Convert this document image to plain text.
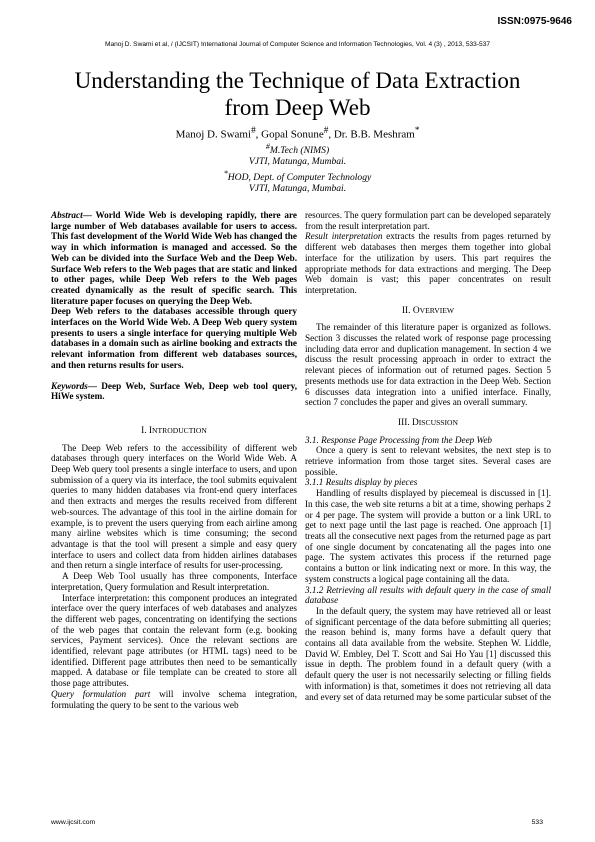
ISSN:0975-9646
Manoj D. Swami et al, / (IJCSIT) International Journal of Computer Science and Information Technologies, Vol. 4 (3) , 2013, 533-537
Understanding the Technique of Data Extraction
from Deep Web
Manoj D. Swami#, Gopal Sonune#, Dr. B.B. Meshram*
#M.Tech (NIMS)
VJTI, Matunga, Mumbai.
*HOD, Dept. of Computer Technology
VJTI, Matunga, Mumbai.

Abstract— World Wide Web is developing rapidly, there are large number of Web databases available for users to access. This fast development of the World Wide Web has changed the way in which information is managed and accessed. So the Web can be divided into the Surface Web and the Deep Web. Surface Web refers to the Web pages that are static and linked to other pages, while Deep Web refers to the Web pages created dynamically as the result of specific search. This literature paper focuses on querying the Deep Web.

Deep Web refers to the databases accessible through query interfaces on the World Wide Web. A Deep Web query system presents to users a single interface for querying multiple Web databases in a domain such as airline booking and extracts the relevant information from different web databases sources, and then returns results for users.

Keywords— Deep Web, Surface Web, Deep web tool query, HiWe system.

I. INTRODUCTION

The Deep Web refers to the accessibility of different web databases through query interfaces on the World Wide Web. A Deep Web query tool presents a single interface to users, and upon submission of a query via its interface, the tool submits equivalent queries to many hidden databases via front-end query interfaces and then extracts and merges the results received from different web-sources. The advantage of this tool in the airline domain for example, is to prevent the users querying from each airline among many airline websites which is time consuming; the second advantage is that the tool will present a simple and easy query interface to users and collect data from hidden airlines databases and then return a single interface of results for user-processing.

A Deep Web Tool usually has three components, Interface interpretation, Query formulation and Result interpretation.

Interface interpretation: this component produces an integrated interface over the query interfaces of web databases and analyzes the different web pages, concentrating on identifying the sections of the web pages that contain the relevant form (e.g. booking services, Payment services). Once the relevant sections are identified, relevant page attributes (or HTML tags) need to be identified. Different page attributes then need to be semantically mapped. A database or file template can be created to store all those page attributes.

Query formulation part will involve schema integration, formulating the query to be sent to the various web

resources. The query formulation part can be developed separately from the result interpretation part.

Result interpretation extracts the results from pages returned by different web databases then merges them together into global interface for the utilization by users. This part requires the appropriate methods for data extractions and merging. The Deep Web domain is vast; this paper concentrates on result interpretation.

II. OVERVIEW

The remainder of this literature paper is organized as follows. Section 3 discusses the related work of response page processing including data error and duplication management. In section 4 we discuss the result processing approach in order to extract the relevant pieces of information out of returned pages. Section 5 presents methods use for data extraction in the Deep Web. Section 6 discusses data integration into a unified interface. Finally, section 7 concludes the paper and gives an overall summary.

III. DISCUSSION

3.1. Response Page Processing from the Deep Web

Once a query is sent to relevant websites, the next step is to retrieve information from those target sites. Several cases are possible.

3.1.1 Results display by pieces

Handling of results displayed by piecemeal is discussed in [1]. In this case, the web site returns a bit at a time, showing perhaps 2 or 4 per page. The system will provide a button or a link URL to get to next page until the last page is reached. One approach [1] treats all the consecutive next pages from the returned page as part of one single document by concatenating all the pages into one page. The system activates this process if the returned page contains a button or link indicating next or more. In this way, the system constructs a logical page containing all the data.

3.1.2 Retrieving all results with default query in the case of small database

In the default query, the system may have retrieved all or least of significant percentage of the data before submitting all queries; the reason behind is, many forms have a default query that contains all data available from the website. Stephen W. Liddle, David W. Embley, Del T. Scott and Sai Ho Yau [1] discussed this issue in depth. The problem found in a default query (with a default query the user is not necessarily selecting or filling fields with information) is that, sometimes it does not retrieving all data and every set of data returned may be some particular subset of the

www.ijcsit.com	533
